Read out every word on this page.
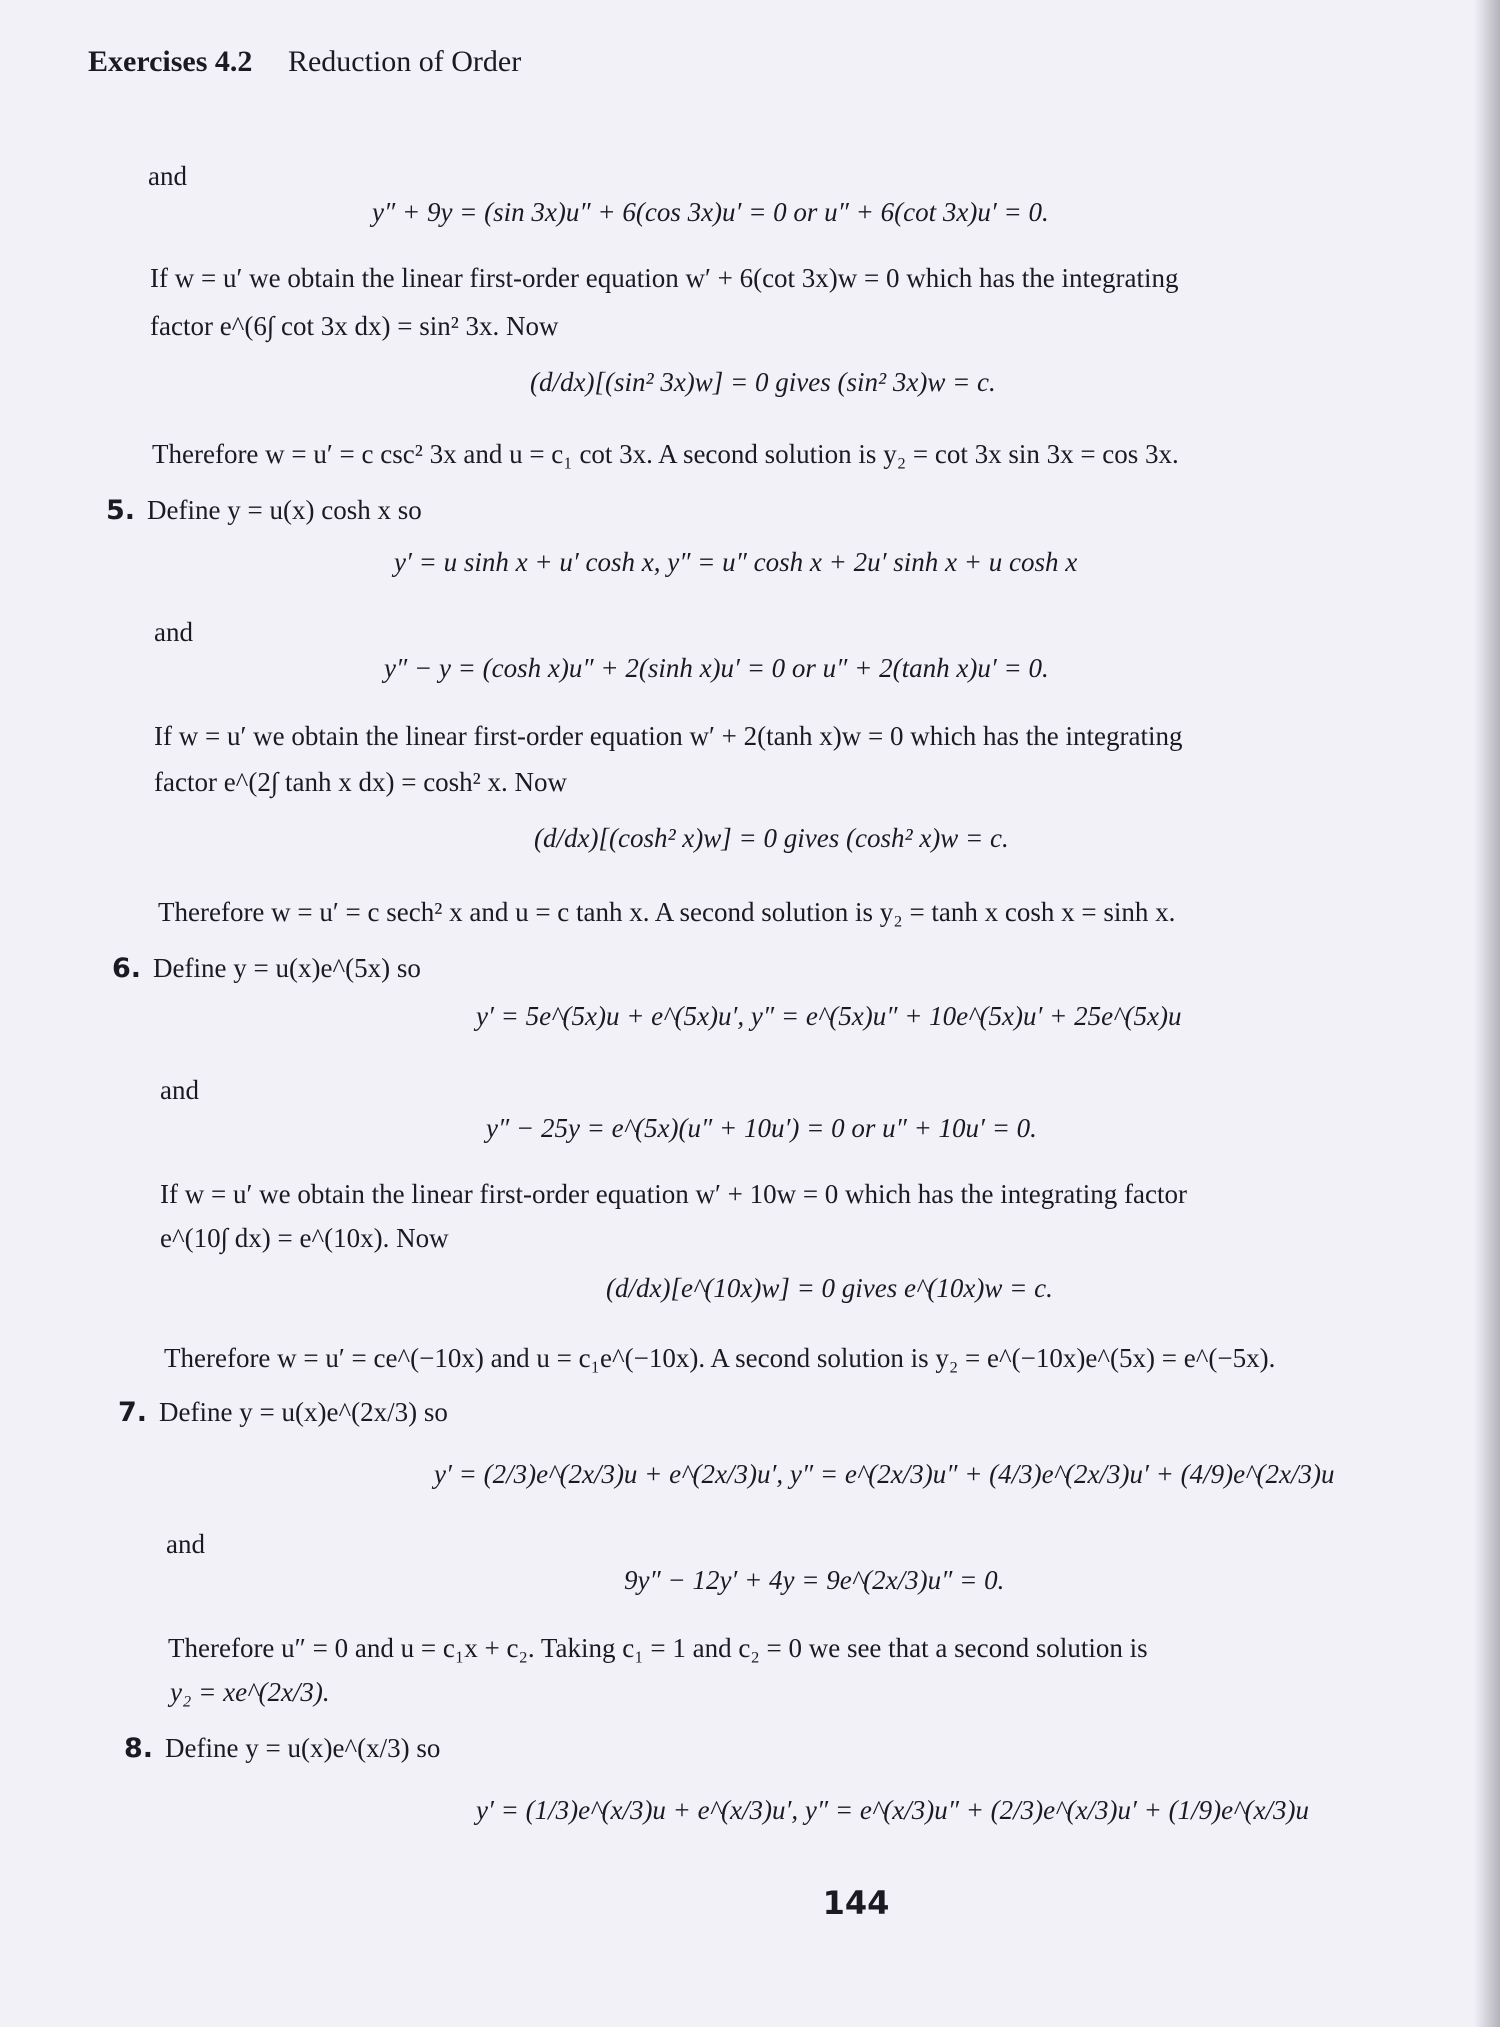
Exercises 4.2 Reduction of Order
and
y″ + 9y = (sin 3x)u″ + 6(cos 3x)u′ = 0 or u″ + 6(cot 3x)u′ = 0.
If w = u′ we obtain the linear first-order equation w′ + 6(cot 3x)w = 0 which has the integrating
factor e^(6∫ cot 3x dx) = sin² 3x. Now
(d/dx)[(sin² 3x)w] = 0 gives (sin² 3x)w = c.
Therefore w = u′ = c csc² 3x and u = c₁ cot 3x. A second solution is y₂ = cot 3x sin 3x = cos 3x.
5. Define y = u(x) cosh x so
y′ = u sinh x + u′ cosh x, y″ = u″ cosh x + 2u′ sinh x + u cosh x
and
y″ − y = (cosh x)u″ + 2(sinh x)u′ = 0 or u″ + 2(tanh x)u′ = 0.
If w = u′ we obtain the linear first-order equation w′ + 2(tanh x)w = 0 which has the integrating
factor e^(2∫ tanh x dx) = cosh² x. Now
(d/dx)[(cosh² x)w] = 0 gives (cosh² x)w = c.
Therefore w = u′ = c sech² x and u = c tanh x. A second solution is y₂ = tanh x cosh x = sinh x.
6. Define y = u(x)e^(5x) so
y′ = 5e^(5x)u + e^(5x)u′, y″ = e^(5x)u″ + 10e^(5x)u′ + 25e^(5x)u
and
y″ − 25y = e^(5x)(u″ + 10u′) = 0 or u″ + 10u′ = 0.
If w = u′ we obtain the linear first-order equation w′ + 10w = 0 which has the integrating factor
e^(10∫ dx) = e^(10x). Now
(d/dx)[e^(10x)w] = 0 gives e^(10x)w = c.
Therefore w = u′ = ce^(−10x) and u = c₁e^(−10x). A second solution is y₂ = e^(−10x)e^(5x) = e^(−5x).
7. Define y = u(x)e^(2x/3) so
y′ = (2/3)e^(2x/3)u + e^(2x/3)u′, y″ = e^(2x/3)u″ + (4/3)e^(2x/3)u′ + (4/9)e^(2x/3)u
and
9y″ − 12y′ + 4y = 9e^(2x/3)u″ = 0.
Therefore u″ = 0 and u = c₁x + c₂. Taking c₁ = 1 and c₂ = 0 we see that a second solution is
y₂ = xe^(2x/3).
8. Define y = u(x)e^(x/3) so
y′ = (1/3)e^(x/3)u + e^(x/3)u′, y″ = e^(x/3)u″ + (2/3)e^(x/3)u′ + (1/9)e^(x/3)u
144
